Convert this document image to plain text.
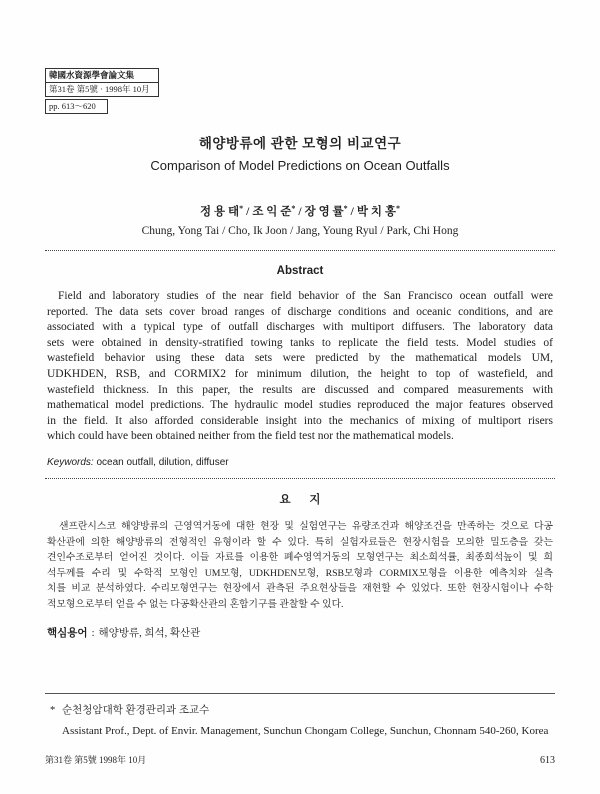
韓國水資源學會論文集
第31卷 第5號 · 1998年 10月
pp. 613～620
해양방류에 관한 모형의 비교연구
Comparison of Model Predictions on Ocean Outfalls
정 용 태* / 조 익 준* / 장 영 률* / 박 치 홍*
Chung, Yong Tai / Cho, Ik Joon / Jang, Young Ryul / Park, Chi Hong
Abstract
Field and laboratory studies of the near field behavior of the San Francisco ocean outfall were
reported. The data sets cover broad ranges of discharge conditions and oceanic conditions, and are
associated with a typical type of outfall discharges with multiport diffusers. The laboratory data
sets were obtained in density-stratified towing tanks to replicate the field tests. Model studies of
wastefield behavior using these data sets were predicted by the mathematical models UM,
UDKHDEN, RSB, and CORMIX2 for minimum dilution, the height to top of wastefield, and
wastefield thickness. In this paper, the results are discussed and compared measurements with
mathematical model predictions. The hydraulic model studies reproduced the major features observed
in the field. It also afforded considerable insight into the mechanics of mixing of multiport risers
which could have been obtained neither from the field test nor the mathematical models.
Keywords: ocean outfall, dilution, diffuser
요 지
샌프란시스코 해양방류의 근영역거동에 대한 현장 및 실험연구는 유량조건과 해양조건을 만족하는 것으로 다공
확산관에 의한 해양방류의 전형적인 유형이라 할 수 있다. 특히 실험자료들은 현장시험을 모의한 밀도층을 갖는
견인수조로부터 얻어진 것이다. 이들 자료를 이용한 폐수영역거동의 모형연구는 최소희석률, 최종희석높이 및 희
석두께를 수리 및 수학적 모형인 UM모형, UDKHDEN모형, RSB모형과 CORMIX모형을 이용한 예측치와 실측
치를 비교 분석하였다. 수리모형연구는 현장에서 관측된 주요현상들을 재현할 수 있었다. 또한 현장시험이나 수학
적모형으로부터 얻을 수 없는 다공확산관의 혼합기구를 관찰할 수 있다.
핵심용어 : 해양방류, 희석, 확산관
* 순천청암대학 환경관리과 조교수
Assistant Prof., Dept. of Envir. Management, Sunchun Chongam College, Sunchun, Chonnam 540-260, Korea
第31卷 第5號 1998年 10月	613
